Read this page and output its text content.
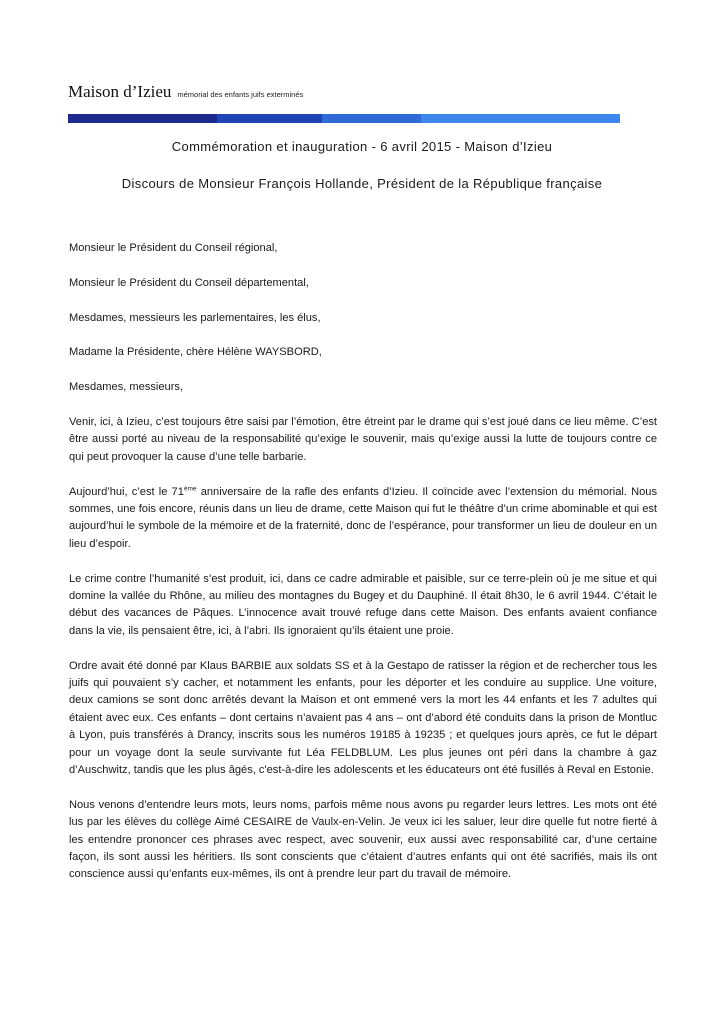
Maison d’Izieu mémorial des enfants juifs exterminés
Commémoration et inauguration - 6 avril 2015 - Maison d’Izieu
Discours de Monsieur François Hollande, Président de la République française

Monsieur le Président du Conseil régional,

Monsieur le Président du Conseil départemental,

Mesdames, messieurs les parlementaires, les élus,

Madame la Présidente, chère Hélène WAYSBORD,

Mesdames, messieurs,

Venir, ici, à Izieu, c’est toujours être saisi par l’émotion, être étreint par le drame qui s’est joué dans ce lieu même. C’est être aussi porté au niveau de la responsabilité qu’exige le souvenir, mais qu’exige aussi la lutte de toujours contre ce qui peut provoquer la cause d’une telle barbarie.

Aujourd’hui, c’est le 71ème anniversaire de la rafle des enfants d’Izieu. Il coïncide avec l’extension du mémorial. Nous sommes, une fois encore, réunis dans un lieu de drame, cette Maison qui fut le théâtre d’un crime abominable et qui est aujourd’hui le symbole de la mémoire et de la fraternité, donc de l’espérance, pour transformer un lieu de douleur en un lieu d’espoir.

Le crime contre l’humanité s’est produit, ici, dans ce cadre admirable et paisible, sur ce terre-plein où je me situe et qui domine la vallée du Rhône, au milieu des montagnes du Bugey et du Dauphiné. Il était 8h30, le 6 avril 1944. C’était le début des vacances de Pâques. L’innocence avait trouvé refuge dans cette Maison. Des enfants avaient confiance dans la vie, ils pensaient être, ici, à l’abri. Ils ignoraient qu’ils étaient une proie.

Ordre avait été donné par Klaus BARBIE aux soldats SS et à la Gestapo de ratisser la région et de rechercher tous les juifs qui pouvaient s’y cacher, et notamment les enfants, pour les déporter et les conduire au supplice. Une voiture, deux camions se sont donc arrêtés devant la Maison et ont emmené vers la mort les 44 enfants et les 7 adultes qui étaient avec eux. Ces enfants – dont certains n’avaient pas 4 ans – ont d’abord été conduits dans la prison de Montluc à Lyon, puis transférés à Drancy, inscrits sous les numéros 19185 à 19235 ; et quelques jours après, ce fut le départ pour un voyage dont la seule survivante fut Léa FELDBLUM. Les plus jeunes ont péri dans la chambre à gaz d’Auschwitz, tandis que les plus âgés, c'est-à-dire les adolescents et les éducateurs ont été fusillés à Reval en Estonie.

Nous venons d’entendre leurs mots, leurs noms, parfois même nous avons pu regarder leurs lettres. Les mots ont été lus par les élèves du collège Aimé CESAIRE de Vaulx-en-Velin. Je veux ici les saluer, leur dire quelle fut notre fierté à les entendre prononcer ces phrases avec respect, avec souvenir, eux aussi avec responsabilité car, d’une certaine façon, ils sont aussi les héritiers. Ils sont conscients que c’étaient d’autres enfants qui ont été sacrifiés, mais ils ont conscience aussi qu’enfants eux-mêmes, ils ont à prendre leur part du travail de mémoire.
